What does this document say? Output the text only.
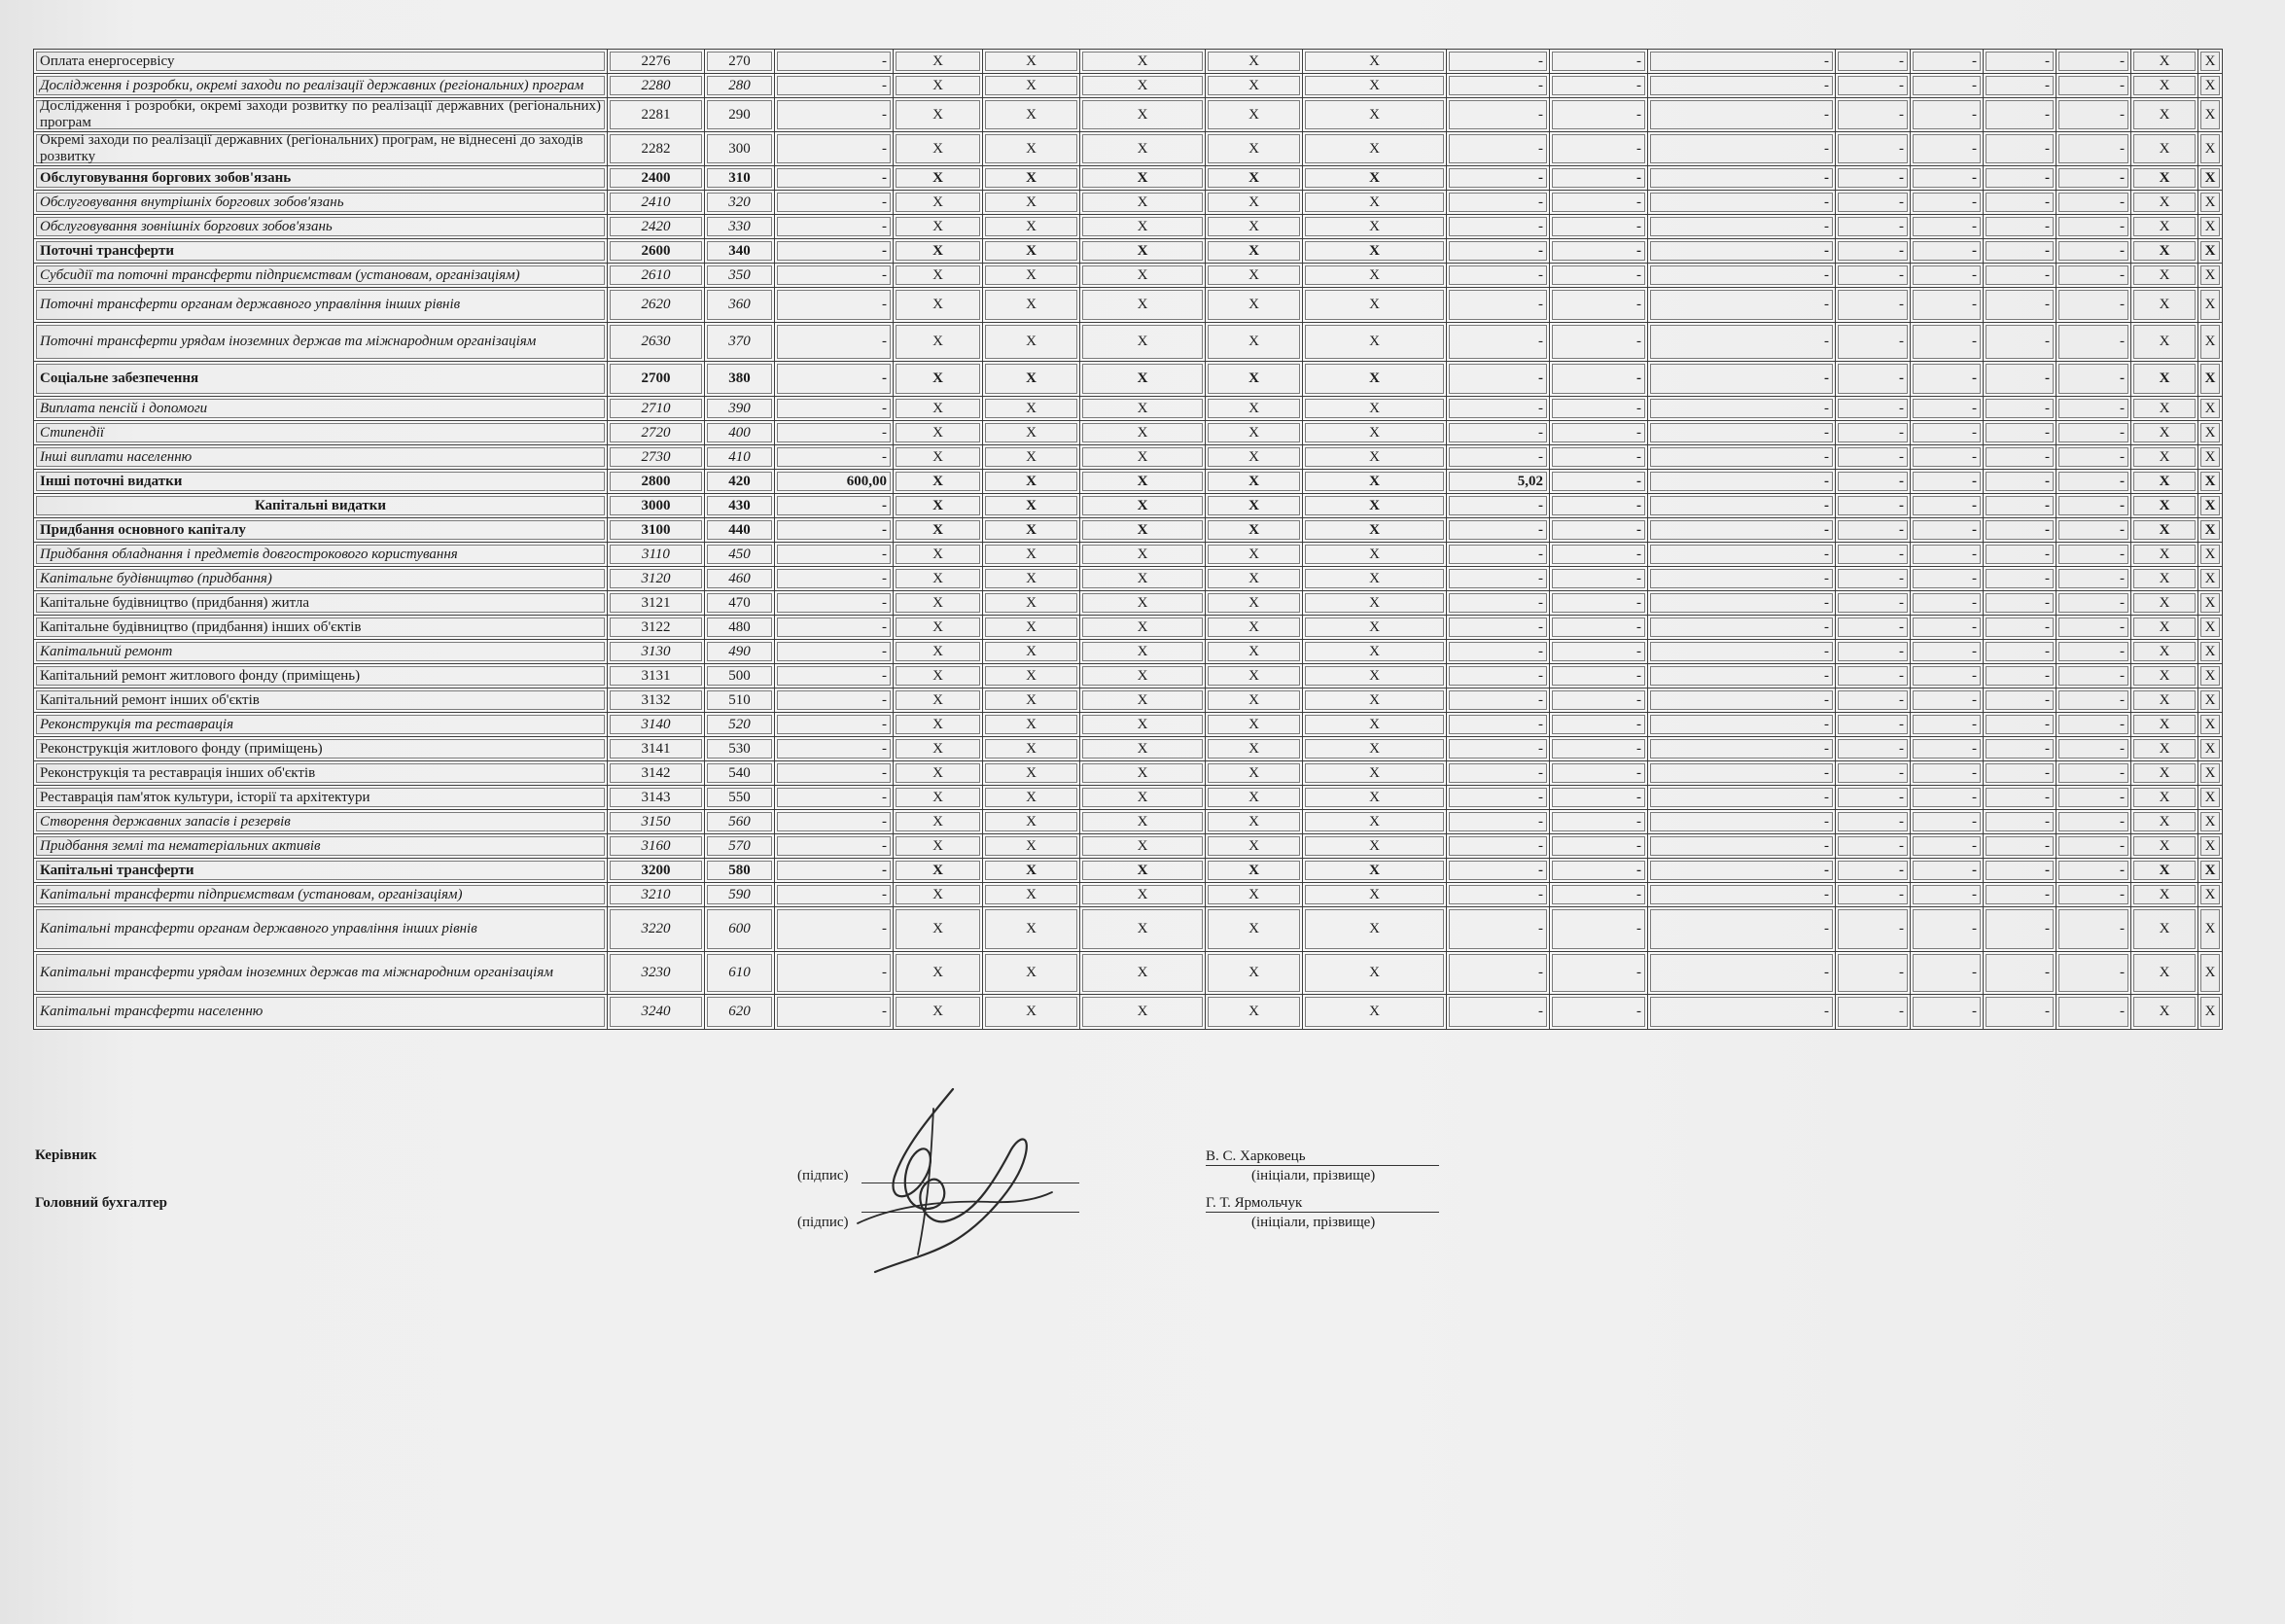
Оплата енергосервісу	2276	270	-	X	X	X	X	X	-	-	-	-	-	-	-	X	X
Дослідження і розробки, окремі заходи по реалізації державних (регіональних) програм	2280	280	-	X	X	X	X	X	-	-	-	-	-	-	-	X	X
Дослідження і розробки, окремі заходи розвитку по реалізації державних (регіональних) програм	2281	290	-	X	X	X	X	X	-	-	-	-	-	-	-	X	X
Окремі заходи по реалізації державних (регіональних) програм, не віднесені до заходів розвитку	2282	300	-	X	X	X	X	X	-	-	-	-	-	-	-	X	X
Обслуговування боргових зобов'язань	2400	310	-	X	X	X	X	X	-	-	-	-	-	-	-	X	X
Обслуговування внутрішніх боргових зобов'язань	2410	320	-	X	X	X	X	X	-	-	-	-	-	-	-	X	X
Обслуговування зовнішніх боргових зобов'язань	2420	330	-	X	X	X	X	X	-	-	-	-	-	-	-	X	X
Поточні трансферти	2600	340	-	X	X	X	X	X	-	-	-	-	-	-	-	X	X
Субсидії та поточні трансферти підприємствам (установам, організаціям)	2610	350	-	X	X	X	X	X	-	-	-	-	-	-	-	X	X
Поточні трансферти органам державного управління інших рівнів	2620	360	-	X	X	X	X	X	-	-	-	-	-	-	-	X	X
Поточні трансферти урядам іноземних держав та міжнародним організаціям	2630	370	-	X	X	X	X	X	-	-	-	-	-	-	-	X	X
Соціальне забезпечення	2700	380	-	X	X	X	X	X	-	-	-	-	-	-	-	X	X
Виплата пенсій і допомоги	2710	390	-	X	X	X	X	X	-	-	-	-	-	-	-	X	X
Стипендії	2720	400	-	X	X	X	X	X	-	-	-	-	-	-	-	X	X
Інші виплати населенню	2730	410	-	X	X	X	X	X	-	-	-	-	-	-	-	X	X
Інші поточні видатки	2800	420	600,00	X	X	X	X	X	5,02	-	-	-	-	-	-	X	X
Капітальні видатки	3000	430	-	X	X	X	X	X	-	-	-	-	-	-	-	X	X
Придбання основного капіталу	3100	440	-	X	X	X	X	X	-	-	-	-	-	-	-	X	X
Придбання обладнання і предметів довгострокового користування	3110	450	-	X	X	X	X	X	-	-	-	-	-	-	-	X	X
Капітальне будівництво (придбання)	3120	460	-	X	X	X	X	X	-	-	-	-	-	-	-	X	X
Капітальне будівництво (придбання) житла	3121	470	-	X	X	X	X	X	-	-	-	-	-	-	-	X	X
Капітальне будівництво (придбання) інших об'єктів	3122	480	-	X	X	X	X	X	-	-	-	-	-	-	-	X	X
Капітальний ремонт	3130	490	-	X	X	X	X	X	-	-	-	-	-	-	-	X	X
Капітальний ремонт житлового фонду (приміщень)	3131	500	-	X	X	X	X	X	-	-	-	-	-	-	-	X	X
Капітальний ремонт інших об'єктів	3132	510	-	X	X	X	X	X	-	-	-	-	-	-	-	X	X
Реконструкція та реставрація	3140	520	-	X	X	X	X	X	-	-	-	-	-	-	-	X	X
Реконструкція житлового фонду (приміщень)	3141	530	-	X	X	X	X	X	-	-	-	-	-	-	-	X	X
Реконструкція та реставрація інших об'єктів	3142	540	-	X	X	X	X	X	-	-	-	-	-	-	-	X	X
Реставрація пам'яток культури, історії та архітектури	3143	550	-	X	X	X	X	X	-	-	-	-	-	-	-	X	X
Створення державних запасів і резервів	3150	560	-	X	X	X	X	X	-	-	-	-	-	-	-	X	X
Придбання землі та нематеріальних активів	3160	570	-	X	X	X	X	X	-	-	-	-	-	-	-	X	X
Капітальні трансферти	3200	580	-	X	X	X	X	X	-	-	-	-	-	-	-	X	X
Капітальні трансферти підприємствам (установам, організаціям)	3210	590	-	X	X	X	X	X	-	-	-	-	-	-	-	X	X
Капітальні трансферти органам державного управління інших рівнів	3220	600	-	X	X	X	X	X	-	-	-	-	-	-	-	X	X
Капітальні трансферти урядам іноземних держав та міжнародним організаціям	3230	610	-	X	X	X	X	X	-	-	-	-	-	-	-	X	X
Капітальні трансферти населенню	3240	620	-	X	X	X	X	X	-	-	-	-	-	-	-	X	X
Керівник
(підпис)
В. С. Харковець
(ініціали, прізвище)
Головний бухгалтер
(підпис)
Г. Т. Ярмольчук
(ініціали, прізвище)
